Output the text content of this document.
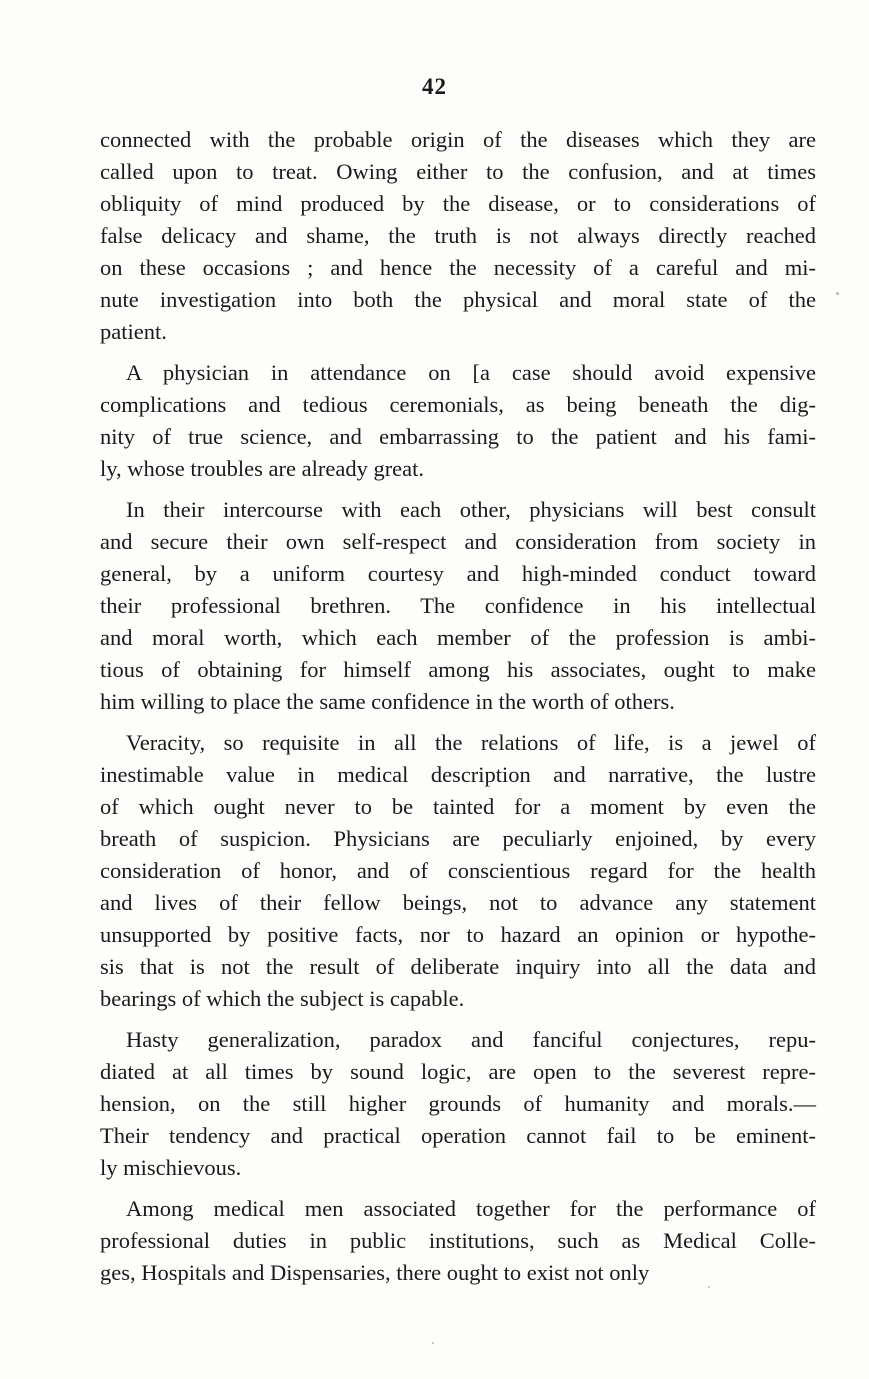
42
connected with the probable origin of the diseases which they are
called upon to treat. Owing either to the confusion, and at times
obliquity of mind produced by the disease, or to considerations of
false delicacy and shame, the truth is not always directly reached
on these occasions ; and hence the necessity of a careful and mi-
nute investigation into both the physical and moral state of the
patient.
A physician in attendance on [a case should avoid expensive
complications and tedious ceremonials, as being beneath the dig-
nity of true science, and embarrassing to the patient and his fami-
ly, whose troubles are already great.
In their intercourse with each other, physicians will best consult
and secure their own self-respect and consideration from society in
general, by a uniform courtesy and high-minded conduct toward
their professional brethren. The confidence in his intellectual
and moral worth, which each member of the profession is ambi-
tious of obtaining for himself among his associates, ought to make
him willing to place the same confidence in the worth of others.
Veracity, so requisite in all the relations of life, is a jewel of
inestimable value in medical description and narrative, the lustre
of which ought never to be tainted for a moment by even the
breath of suspicion. Physicians are peculiarly enjoined, by every
consideration of honor, and of conscientious regard for the health
and lives of their fellow beings, not to advance any statement
unsupported by positive facts, nor to hazard an opinion or hypothe-
sis that is not the result of deliberate inquiry into all the data and
bearings of which the subject is capable.
Hasty generalization, paradox and fanciful conjectures, repu-
diated at all times by sound logic, are open to the severest repre-
hension, on the still higher grounds of humanity and morals.—
Their tendency and practical operation cannot fail to be eminent-
ly mischievous.
Among medical men associated together for the performance of
professional duties in public institutions, such as Medical Colle-
ges, Hospitals and Dispensaries, there ought to exist not only
